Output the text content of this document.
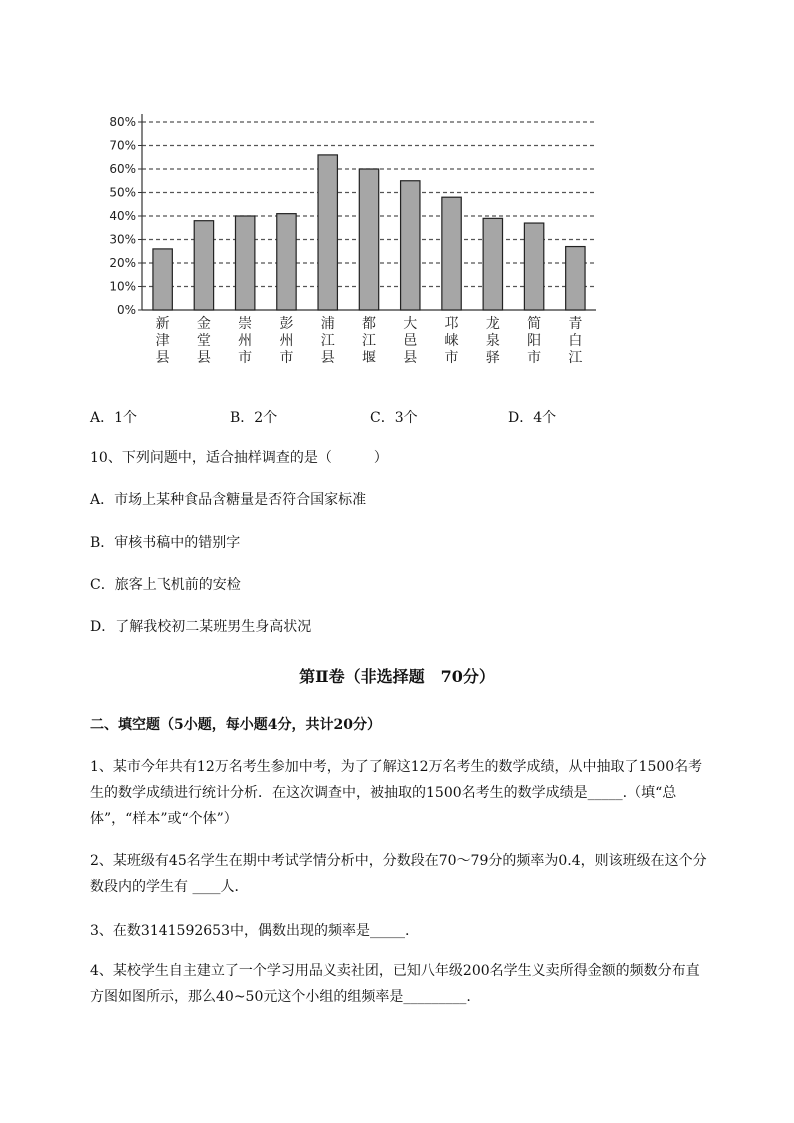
0%
10%
20%
30%
40%
50%
60%
70%
80%
新津县
金堂县
崇州市
彭州市
浦江县
都江堰
大邑县
邛崃市
龙泉驿
简阳市
青白江
A．1个	B．2个	C．3个	D．4个
10、下列问题中，适合抽样调查的是（　　　）
A．市场上某种食品含糖量是否符合国家标准
B．审核书稿中的错别字
C．旅客上飞机前的安检
D．了解我校初二某班男生身高状况
第Ⅱ卷（非选择题　70分）
二、填空题（5小题，每小题4分，共计20分）
1、某市今年共有12万名考生参加中考，为了了解这12万名考生的数学成绩，从中抽取了1500名考生的数学成绩进行统计分析．在这次调查中，被抽取的1500名考生的数学成绩是_____.（填“总体”，“样本”或“个体”）
2、某班级有45名学生在期中考试学情分析中，分数段在70～79分的频率为0.4，则该班级在这个分数段内的学生有 ____人．
3、在数3141592653中，偶数出现的频率是_____.
4、某校学生自主建立了一个学习用品义卖社团，已知八年级200名学生义卖所得金额的频数分布直方图如图所示，那么40~50元这个小组的组频率是_________.
